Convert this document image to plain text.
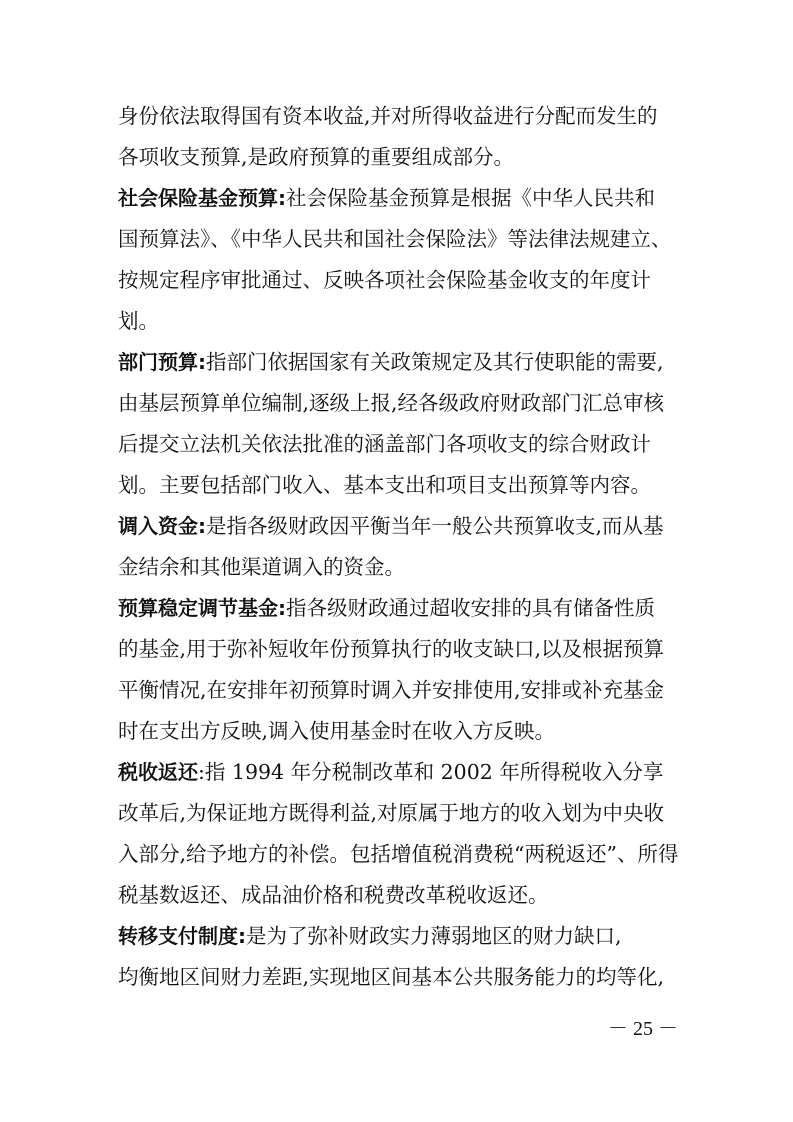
身份依法取得国有资本收益,并对所得收益进行分配而发生的
各项收支预算,是政府预算的重要组成部分。
社会保险基金预算:社会保险基金预算是根据《中华人民共和
国预算法》、《中华人民共和国社会保险法》等法律法规建立、
按规定程序审批通过、反映各项社会保险基金收支的年度计
划。
部门预算:指部门依据国家有关政策规定及其行使职能的需要,
由基层预算单位编制,逐级上报,经各级政府财政部门汇总审核
后提交立法机关依法批准的涵盖部门各项收支的综合财政计
划。主要包括部门收入、基本支出和项目支出预算等内容。
调入资金:是指各级财政因平衡当年一般公共预算收支,而从基
金结余和其他渠道调入的资金。
预算稳定调节基金:指各级财政通过超收安排的具有储备性质
的基金,用于弥补短收年份预算执行的收支缺口,以及根据预算
平衡情况,在安排年初预算时调入并安排使用,安排或补充基金
时在支出方反映,调入使用基金时在收入方反映。
税收返还:指 1994 年分税制改革和 2002 年所得税收入分享
改革后,为保证地方既得利益,对原属于地方的收入划为中央收
入部分,给予地方的补偿。包括增值税消费税“两税返还”、所得
税基数返还、成品油价格和税费改革税收返还。
转移支付制度:是为了弥补财政实力薄弱地区的财力缺口,
均衡地区间财力差距,实现地区间基本公共服务能力的均等化,
－ 25 －
